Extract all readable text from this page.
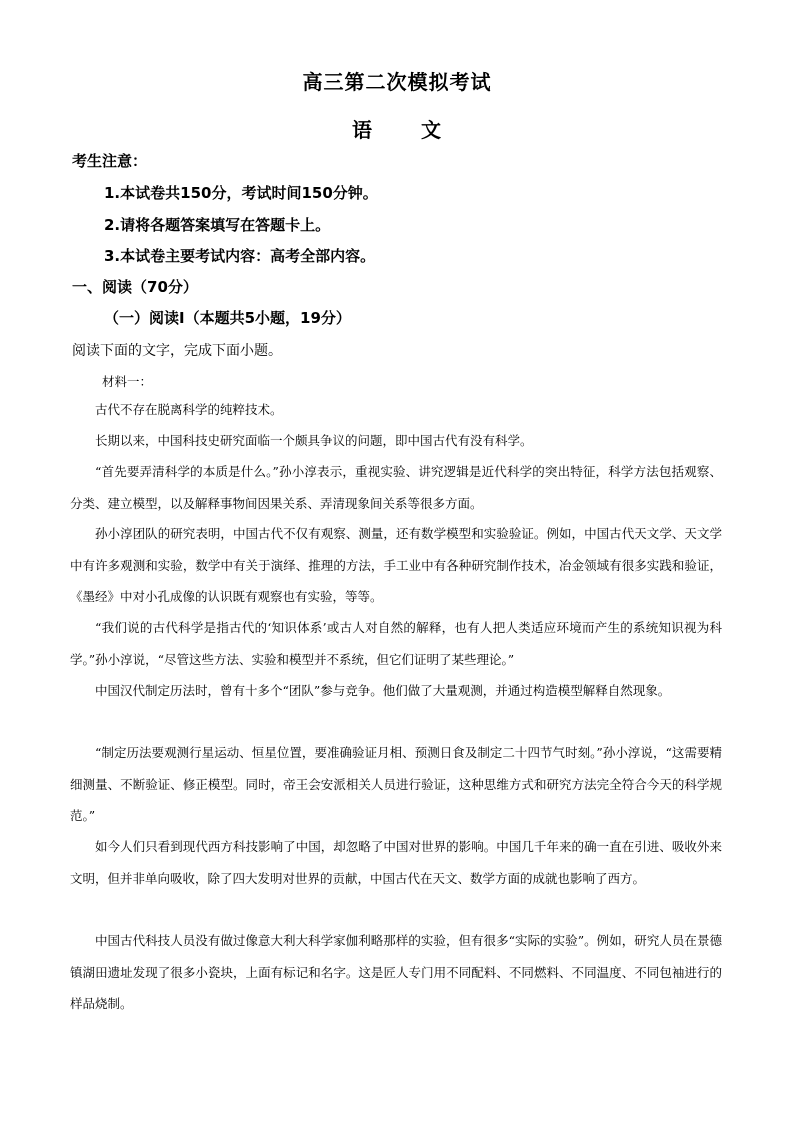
高三第二次模拟考试
语 文
考生注意：
1.本试卷共150分，考试时间150分钟。
2.请将各题答案填写在答题卡上。
3.本试卷主要考试内容：高考全部内容。
一、阅读（70分）
（一）阅读Ⅰ（本题共5小题，19分）
阅读下面的文字，完成下面小题。
材料一：

古代不存在脱离科学的纯粹技术。

长期以来，中国科技史研究面临一个颇具争议的问题，即中国古代有没有科学。

“首先要弄清科学的本质是什么。”孙小淳表示，重视实验、讲究逻辑是近代科学的突出特征，科学方法包括观察、分类、建立模型，以及解释事物间因果关系、弄清现象间关系等很多方面。

孙小淳团队的研究表明，中国古代不仅有观察、测量，还有数学模型和实验验证。例如，中国古代天文学、天文学中有许多观测和实验，数学中有关于演绎、推理的方法，手工业中有各种研究制作技术，冶金领域有很多实践和验证，《墨经》中对小孔成像的认识既有观察也有实验，等等。

“我们说的古代科学是指古代的‘知识体系’或古人对自然的解释，也有人把人类适应环境而产生的系统知识视为科学。”孙小淳说，“尽管这些方法、实验和模型并不系统，但它们证明了某些理论。”

中国汉代制定历法时，曾有十多个“团队”参与竞争。他们做了大量观测，并通过构造模型解释自然现象。

“制定历法要观测行星运动、恒星位置，要准确验证月相、预测日食及制定二十四节气时刻。”孙小淳说，“这需要精细测量、不断验证、修正模型。同时，帝王会安派相关人员进行验证，这种思维方式和研究方法完全符合今天的科学规范。”

如今人们只看到现代西方科技影响了中国，却忽略了中国对世界的影响。中国几千年来的确一直在引进、吸收外来文明，但并非单向吸收，除了四大发明对世界的贡献，中国古代在天文、数学方面的成就也影响了西方。

中国古代科技人员没有做过像意大利大科学家伽利略那样的实验，但有很多“实际的实验”。例如，研究人员在景德镇湖田遗址发现了很多小瓷块，上面有标记和名字。这是匠人专门用不同配料、不同燃料、不同温度、不同包袖进行的样品烧制。
